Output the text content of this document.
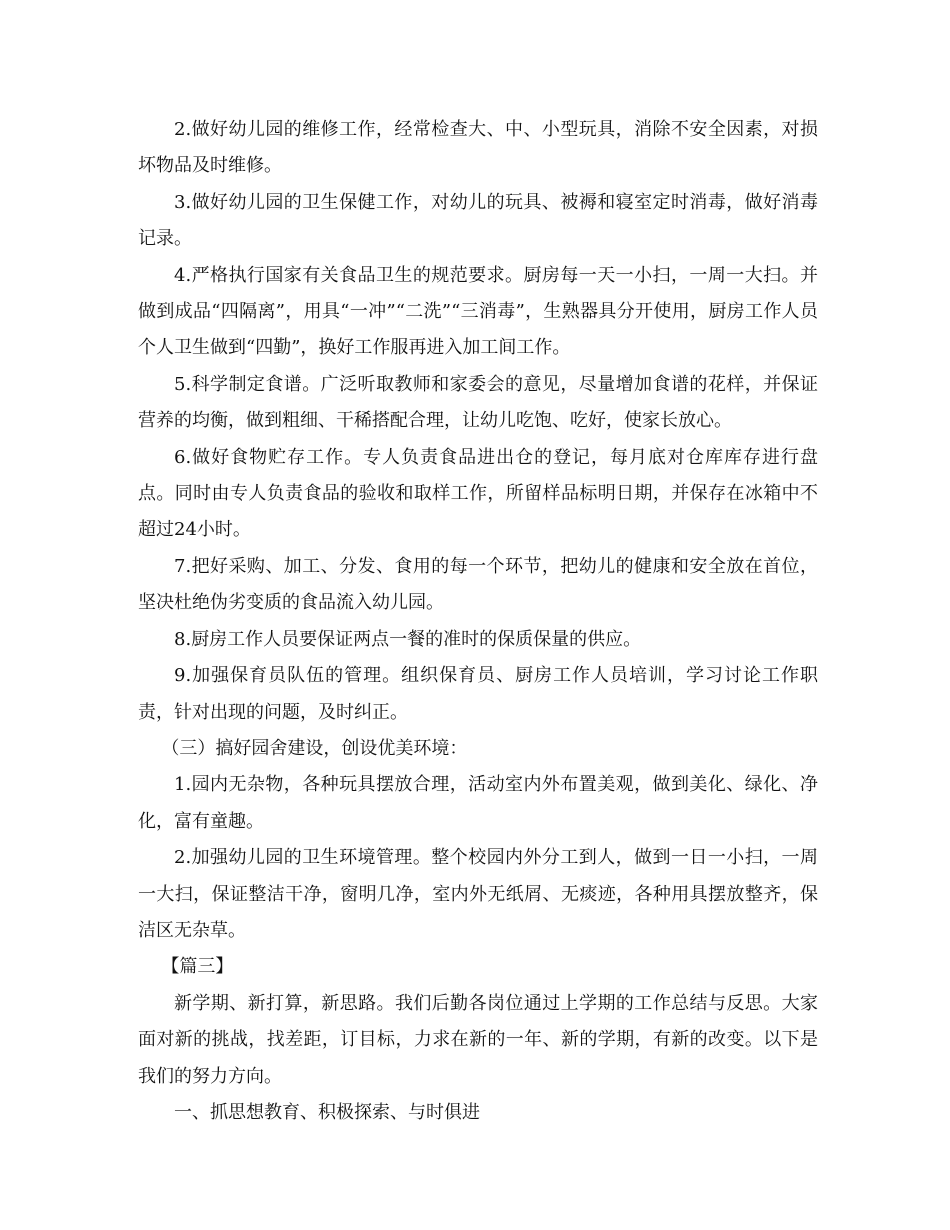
2.做好幼儿园的维修工作，经常检查大、中、小型玩具，消除不安全因素，对损坏物品及时维修。

3.做好幼儿园的卫生保健工作，对幼儿的玩具、被褥和寝室定时消毒，做好消毒记录。

4.严格执行国家有关食品卫生的规范要求。厨房每一天一小扫，一周一大扫。并做到成品“四隔离”，用具“一冲”“二洗”“三消毒”，生熟器具分开使用，厨房工作人员个人卫生做到“四勤”，换好工作服再进入加工间工作。

5.科学制定食谱。广泛听取教师和家委会的意见，尽量增加食谱的花样，并保证营养的均衡，做到粗细、干稀搭配合理，让幼儿吃饱、吃好，使家长放心。

6.做好食物贮存工作。专人负责食品进出仓的登记，每月底对仓库库存进行盘点。同时由专人负责食品的验收和取样工作，所留样品标明日期，并保存在冰箱中不超过24小时。

7.把好采购、加工、分发、食用的每一个环节，把幼儿的健康和安全放在首位，坚决杜绝伪劣变质的食品流入幼儿园。

8.厨房工作人员要保证两点一餐的准时的保质保量的供应。

9.加强保育员队伍的管理。组织保育员、厨房工作人员培训，学习讨论工作职责，针对出现的问题，及时纠正。

（三）搞好园舍建设，创设优美环境：

1.园内无杂物，各种玩具摆放合理，活动室内外布置美观，做到美化、绿化、净化，富有童趣。

2.加强幼儿园的卫生环境管理。整个校园内外分工到人，做到一日一小扫，一周一大扫，保证整洁干净，窗明几净，室内外无纸屑、无痰迹，各种用具摆放整齐，保洁区无杂草。

【篇三】

新学期、新打算，新思路。我们后勤各岗位通过上学期的工作总结与反思。大家面对新的挑战，找差距，订目标，力求在新的一年、新的学期，有新的改变。以下是我们的努力方向。

一、抓思想教育、积极探索、与时俱进
